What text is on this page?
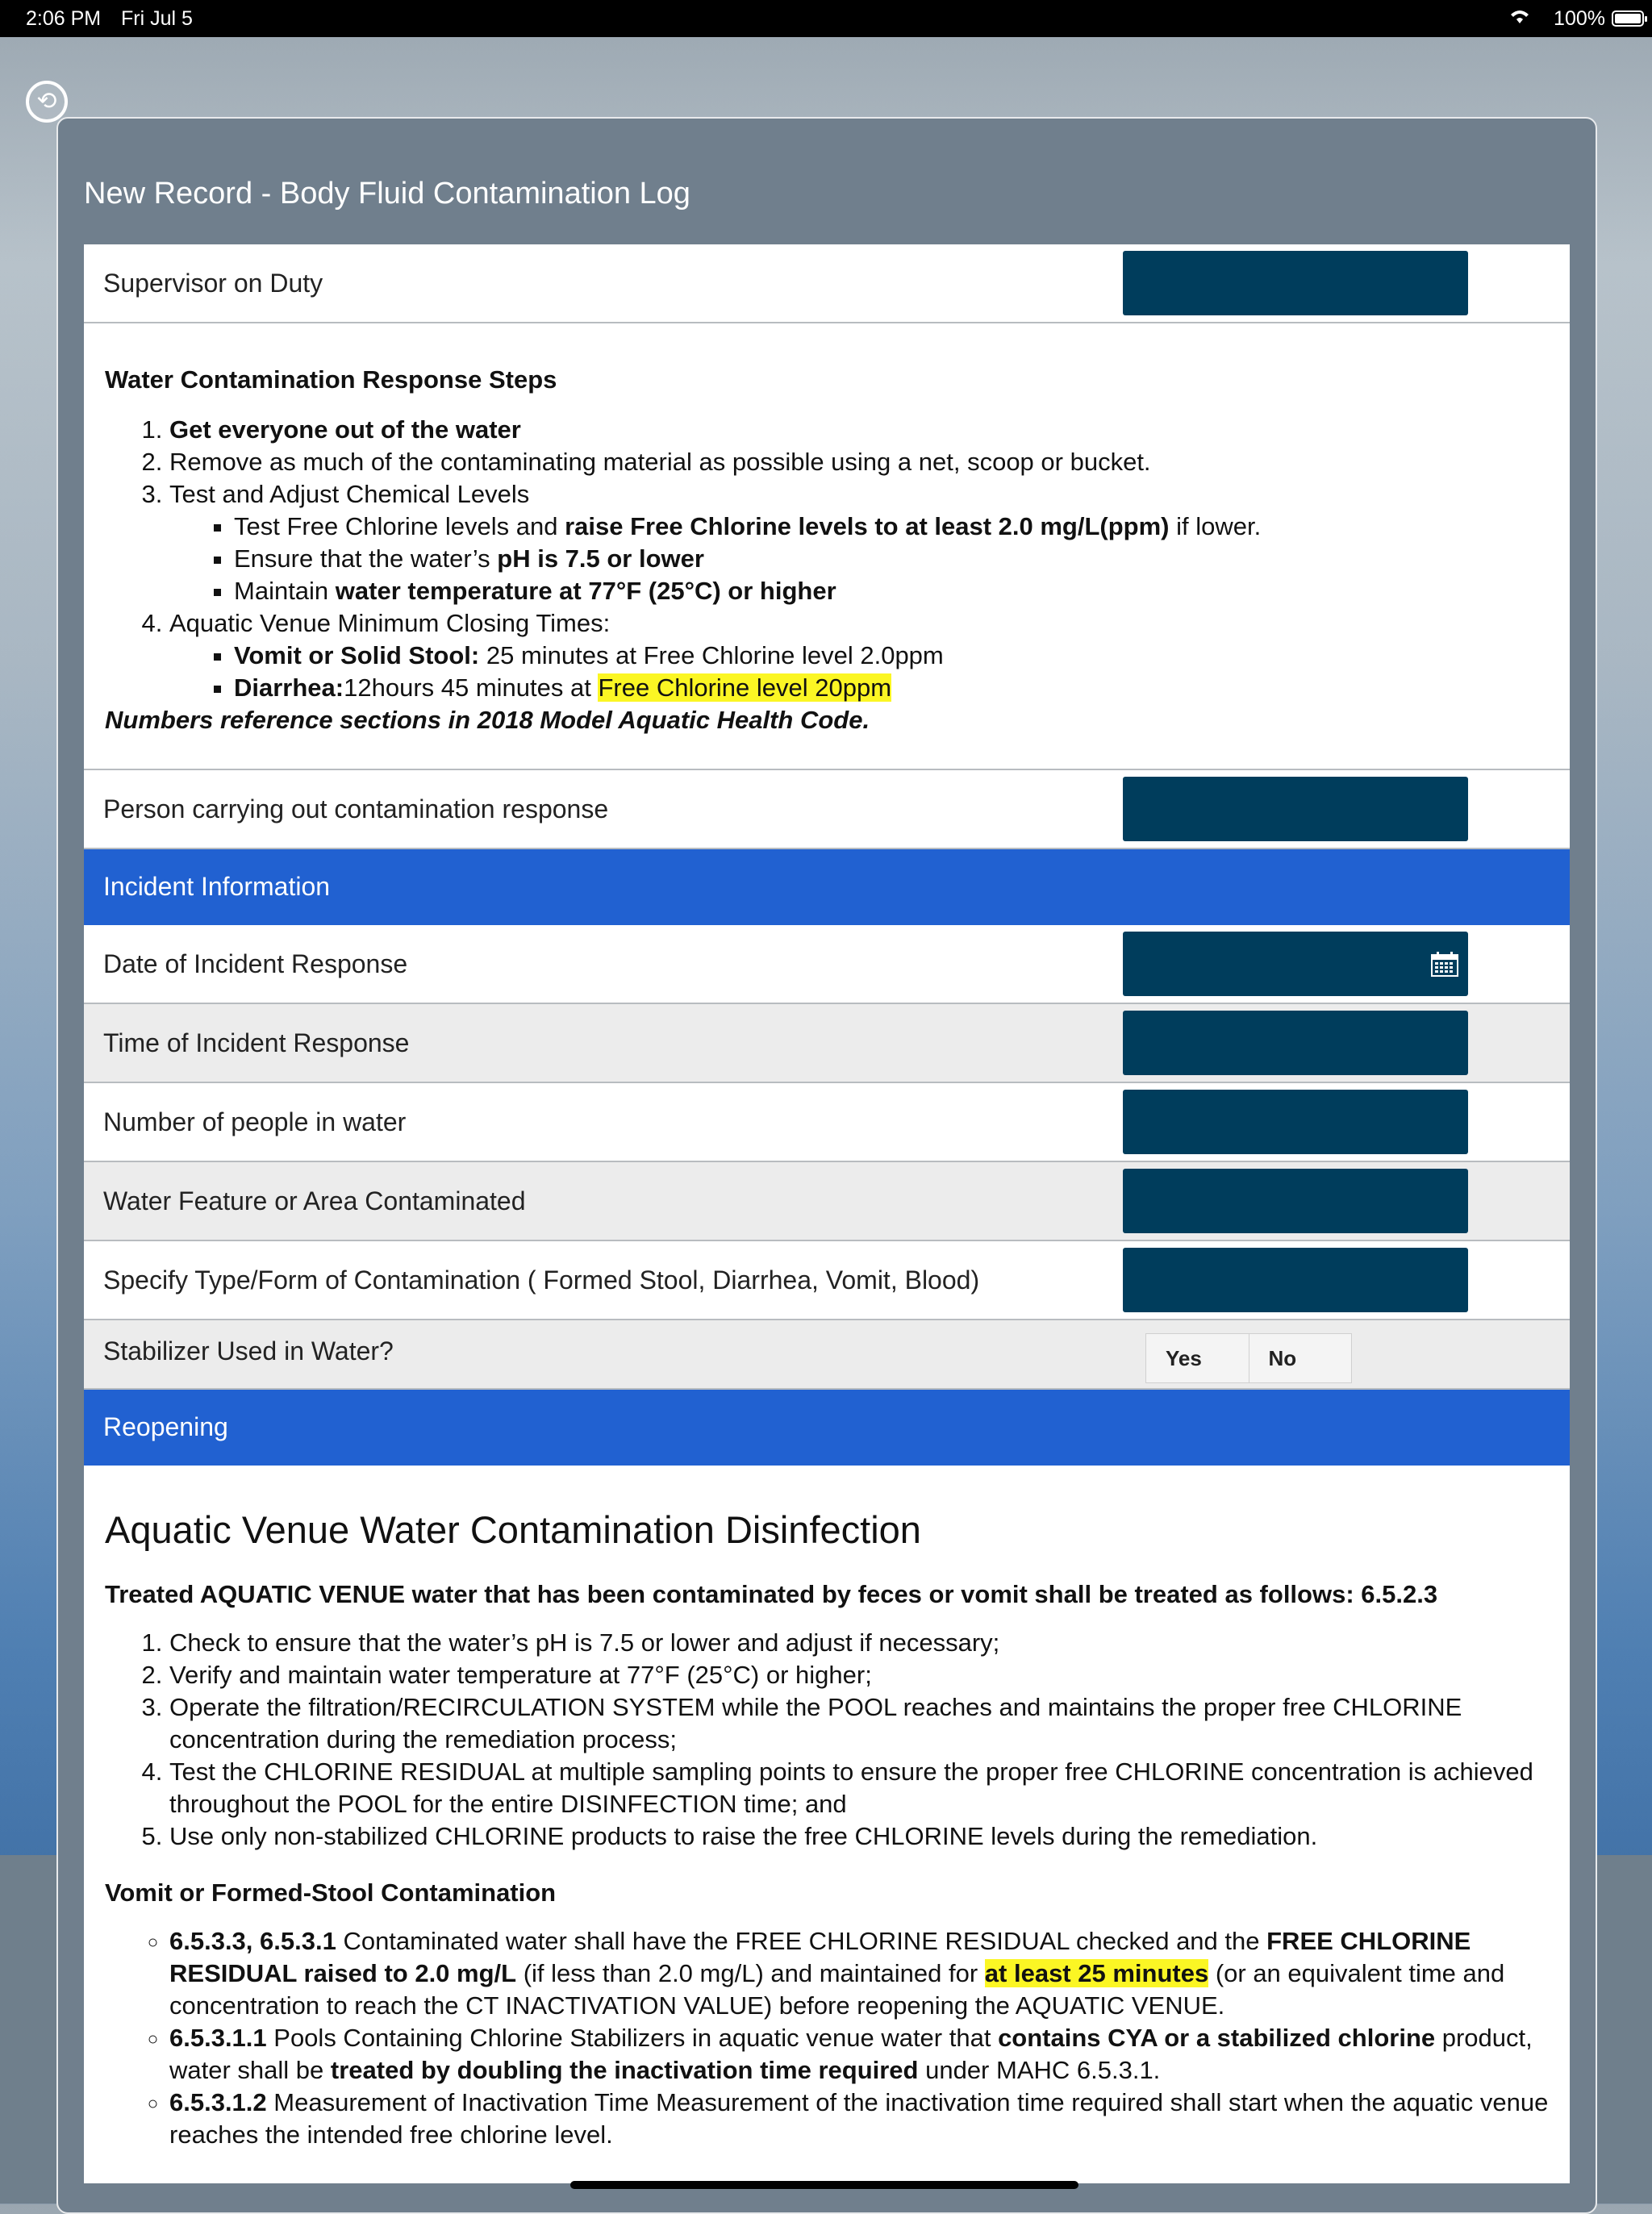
2:06 PM Fri Jul 5	100%
⟲
New Record - Body Fluid Contamination Log
Supervisor on Duty
Water Contamination Response Steps
1. Get everyone out of the water
2. Remove as much of the contaminating material as possible using a net, scoop or bucket.
3. Test and Adjust Chemical Levels
▪ Test Free Chlorine levels and raise Free Chlorine levels to at least 2.0 mg/L(ppm) if lower.
▪ Ensure that the water’s pH is 7.5 or lower
▪ Maintain water temperature at 77°F (25°C) or higher
4. Aquatic Venue Minimum Closing Times:
▪ Vomit or Solid Stool: 25 minutes at Free Chlorine level 2.0ppm
▪ Diarrhea:12hours 45 minutes at Free Chlorine level 20ppm
Numbers reference sections in 2018 Model Aquatic Health Code.
Person carrying out contamination response
Incident Information
Date of Incident Response
Time of Incident Response
Number of people in water
Water Feature or Area Contaminated
Specify Type/Form of Contamination ( Formed Stool, Diarrhea, Vomit, Blood)
Stabilizer Used in Water?	Yes	No
Reopening
Aquatic Venue Water Contamination Disinfection
Treated AQUATIC VENUE water that has been contaminated by feces or vomit shall be treated as follows: 6.5.2.3
1. Check to ensure that the water’s pH is 7.5 or lower and adjust if necessary;
2. Verify and maintain water temperature at 77°F (25°C) or higher;
3. Operate the filtration/RECIRCULATION SYSTEM while the POOL reaches and maintains the proper free CHLORINE concentration during the remediation process;
4. Test the CHLORINE RESIDUAL at multiple sampling points to ensure the proper free CHLORINE concentration is achieved throughout the POOL for the entire DISINFECTION time; and
5. Use only non-stabilized CHLORINE products to raise the free CHLORINE levels during the remediation.
Vomit or Formed-Stool Contamination
◦ 6.5.3.3, 6.5.3.1 Contaminated water shall have the FREE CHLORINE RESIDUAL checked and the FREE CHLORINE RESIDUAL raised to 2.0 mg/L (if less than 2.0 mg/L) and maintained for at least 25 minutes (or an equivalent time and concentration to reach the CT INACTIVATION VALUE) before reopening the AQUATIC VENUE.
◦ 6.5.3.1.1 Pools Containing Chlorine Stabilizers in aquatic venue water that contains CYA or a stabilized chlorine product, water shall be treated by doubling the inactivation time required under MAHC 6.5.3.1.
◦ 6.5.3.1.2 Measurement of Inactivation Time Measurement of the inactivation time required shall start when the aquatic venue reaches the intended free chlorine level.
